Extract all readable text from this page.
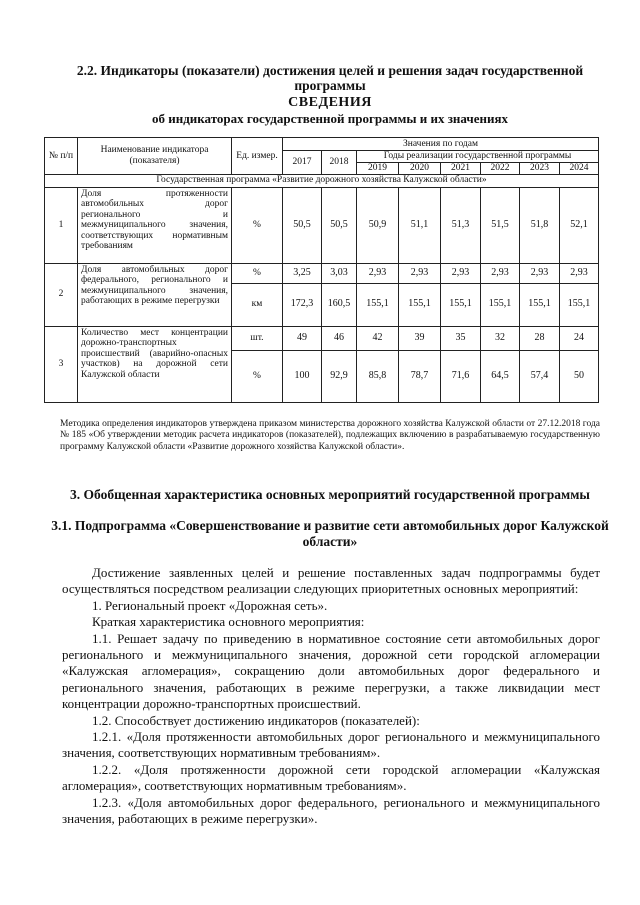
2.2. Индикаторы (показатели) достижения целей и решения задач государственной программы
СВЕДЕНИЯ
об индикаторах государственной программы и их значениях
№ п/п	Наименование индикатора (показателя)	Ед. измер.	Значения по годам							
			2017	2018	Годы реализации государственной программы					
					2019	2020	2021	2022	2023	2024
Государственная программа «Развитие дорожного хозяйства Калужской области»										
1	Доля протяженности автомобильных дорог регионального и межмуниципального значения, соответствующих нормативным требованиям	%	50,5	50,5	50,9	51,1	51,3	51,5	51,8	52,1
2	Доля автомобильных дорог федерального, регионального и межмуниципального значения, работающих в режиме перегрузки	%	3,25	3,03	2,93	2,93	2,93	2,93	2,93	2,93
		км	172,3	160,5	155,1	155,1	155,1	155,1	155,1	155,1
3	Количество мест концентрации дорожно-транспортных происшествий (аварийно-опасных участков) на дорожной сети Калужской области	шт.	49	46	42	39	35	32	28	24
		%	100	92,9	85,8	78,7	71,6	64,5	57,4	50
Методика определения индикаторов утверждена приказом министерства дорожного хозяйства Калужской области от 27.12.2018 года № 185 «Об утверждении методик расчета индикаторов (показателей), подлежащих включению в разрабатываемую государственную программу Калужской области «Развитие дорожного хозяйства Калужской области».
3. Обобщенная характеристика основных мероприятий государственной программы
3.1. Подпрограмма «Совершенствование и развитие сети автомобильных дорог Калужской области»

Достижение заявленных целей и решение поставленных задач подпрограммы будет осуществляться посредством реализации следующих приоритетных основных мероприятий:

1. Региональный проект «Дорожная сеть».

Краткая характеристика основного мероприятия:

1.1. Решает задачу по приведению в нормативное состояние сети автомобильных дорог регионального и межмуниципального значения, дорожной сети городской агломерации «Калужская агломерация», сокращению доли автомобильных дорог федерального и регионального значения, работающих в режиме перегрузки, а также ликвидации мест концентрации дорожно-транспортных происшествий.

1.2. Способствует достижению индикаторов (показателей):

1.2.1. «Доля протяженности автомобильных дорог регионального и межмуниципального значения, соответствующих нормативным требованиям».

1.2.2. «Доля протяженности дорожной сети городской агломерации «Калужская агломерация», соответствующих нормативным требованиям».

1.2.3. «Доля автомобильных дорог федерального, регионального и межмуниципального значения, работающих в режиме перегрузки».
